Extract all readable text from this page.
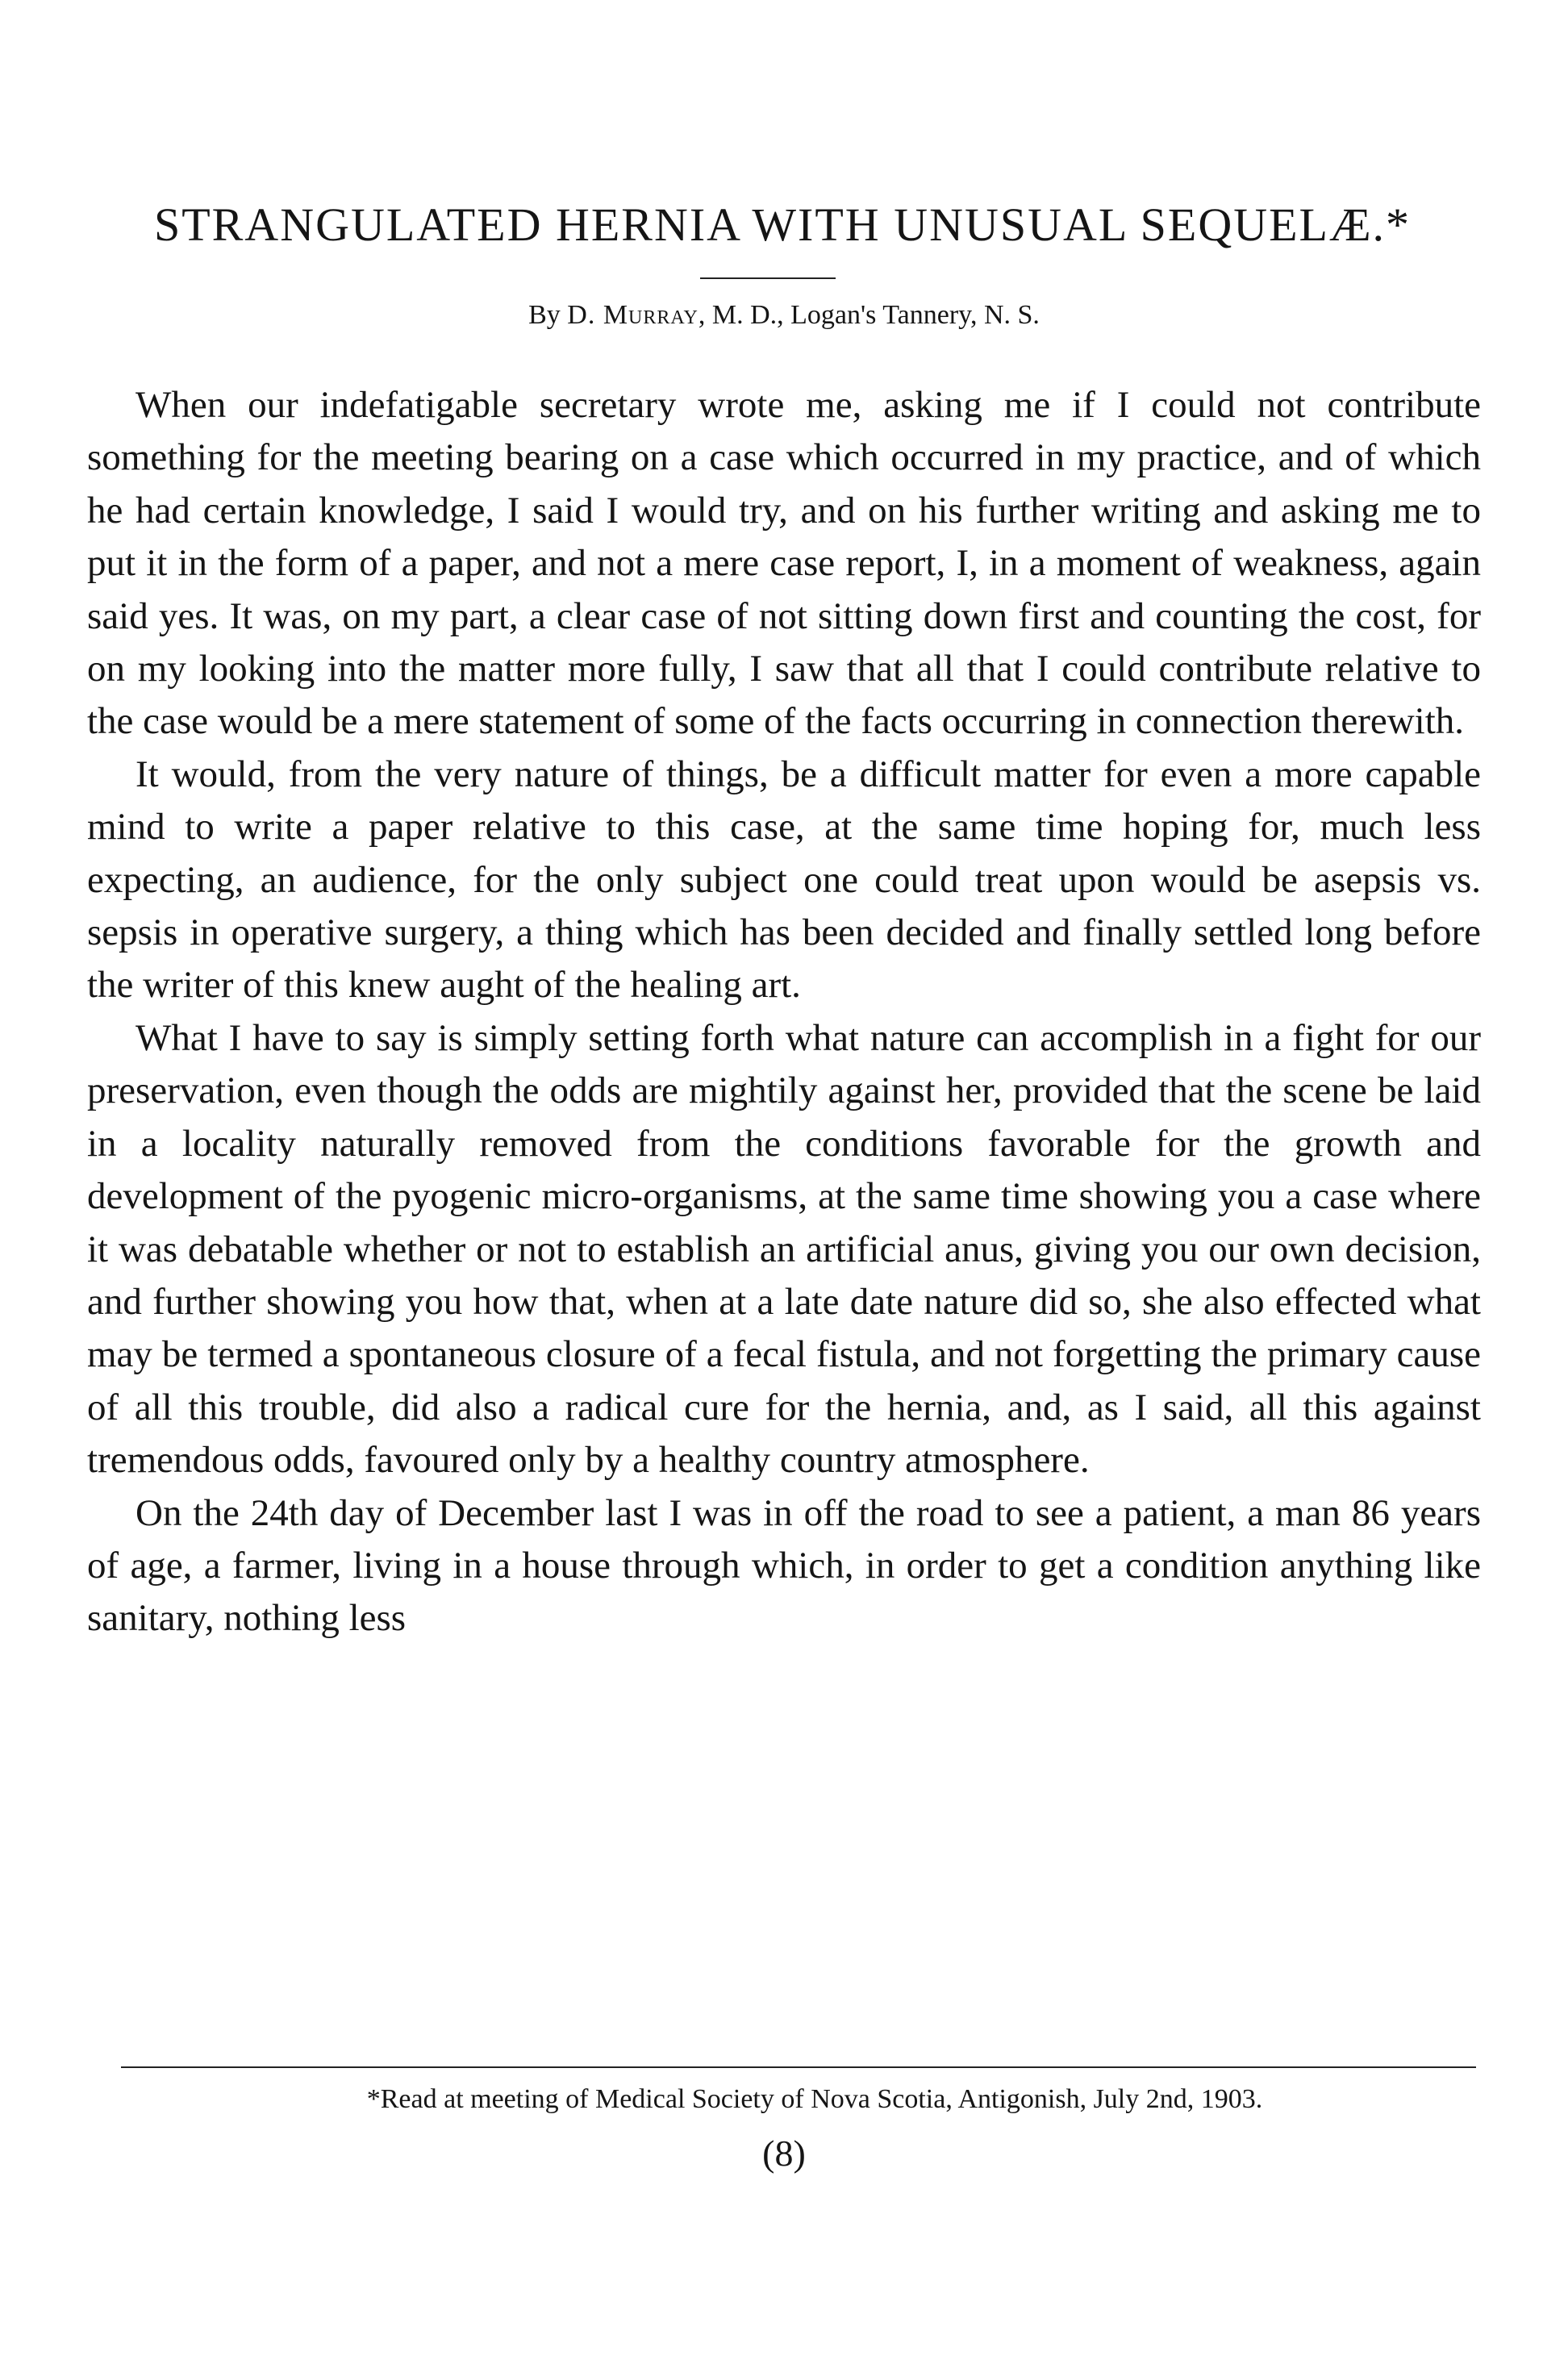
STRANGULATED HERNIA WITH UNUSUAL SEQUELÆ.*
By D. Murray, M. D., Logan's Tannery, N. S.

When our indefatigable secretary wrote me, asking me if I could not contribute something for the meeting bearing on a case which occurred in my practice, and of which he had certain knowledge, I said I would try, and on his further writing and asking me to put it in the form of a paper, and not a mere case report, I, in a moment of weakness, again said yes. It was, on my part, a clear case of not sitting down first and counting the cost, for on my looking into the matter more fully, I saw that all that I could contribute relative to the case would be a mere statement of some of the facts occurring in connection therewith.

It would, from the very nature of things, be a difficult matter for even a more capable mind to write a paper relative to this case, at the same time hoping for, much less expecting, an audience, for the only subject one could treat upon would be asepsis vs. sepsis in operative surgery, a thing which has been decided and finally settled long before the writer of this knew aught of the healing art.

What I have to say is simply setting forth what nature can accomplish in a fight for our preservation, even though the odds are mightily against her, provided that the scene be laid in a locality naturally removed from the conditions favorable for the growth and development of the pyogenic micro-organisms, at the same time showing you a case where it was debatable whether or not to establish an artificial anus, giving you our own decision, and further showing you how that, when at a late date nature did so, she also effected what may be termed a spontaneous closure of a fecal fistula, and not forgetting the primary cause of all this trouble, did also a radical cure for the hernia, and, as I said, all this against tremendous odds, favoured only by a healthy country atmosphere.

On the 24th day of December last I was in off the road to see a patient, a man 86 years of age, a farmer, living in a house through which, in order to get a condition anything like sanitary, nothing less

*Read at meeting of Medical Society of Nova Scotia, Antigonish, July 2nd, 1903.
(8)
